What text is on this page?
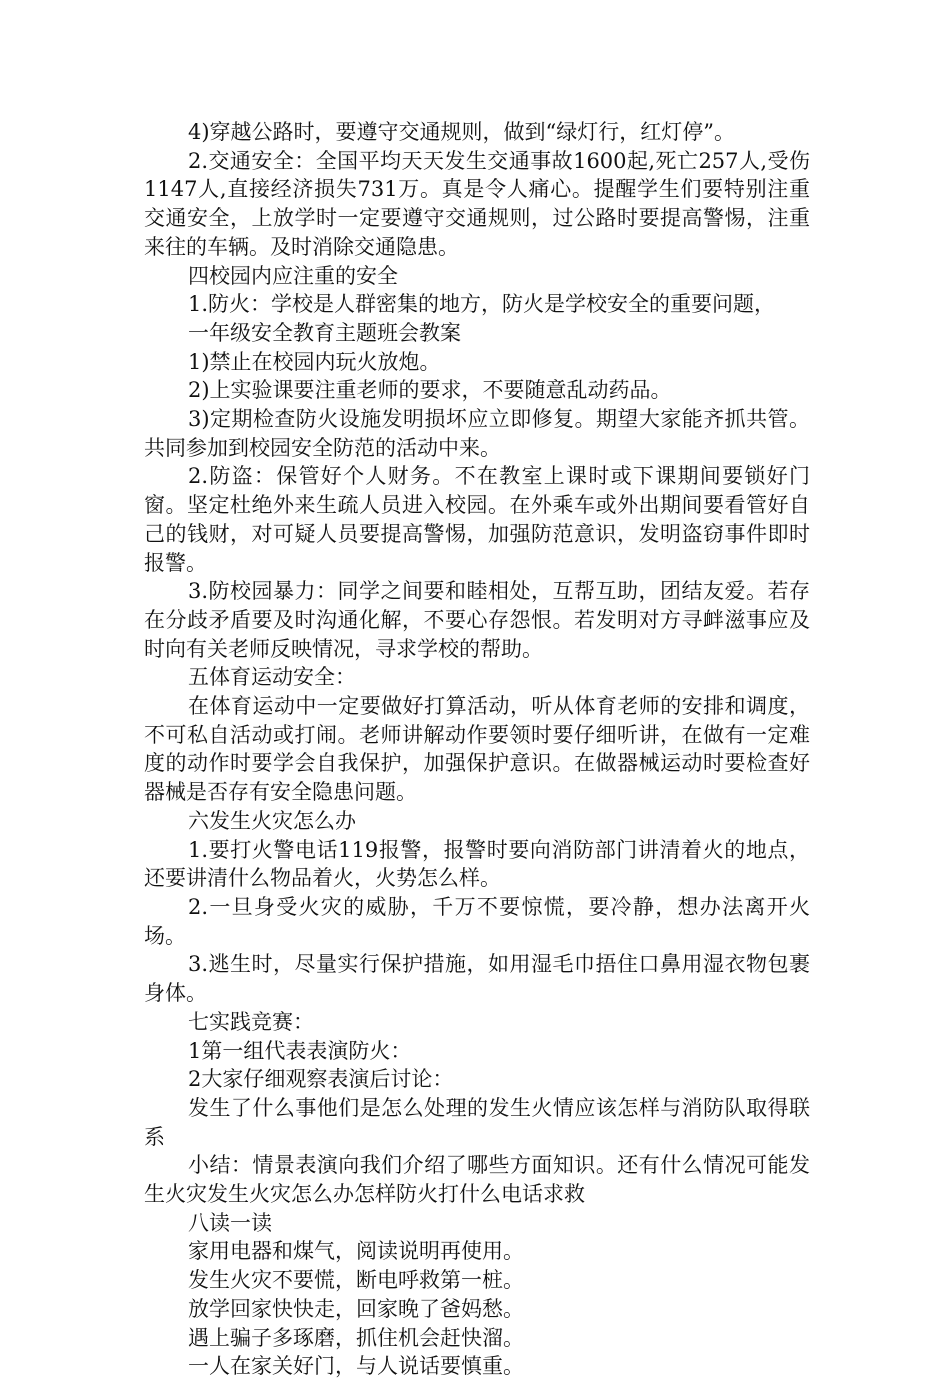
4)穿越公路时，要遵守交通规则，做到“绿灯行，红灯停”。

2.交通安全：全国平均天天发生交通事故1600起,死亡257人,受伤1147人,直接经济损失731万。真是令人痛心。提醒学生们要特别注重交通安全，上放学时一定要遵守交通规则，过公路时要提高警惕，注重来往的车辆。及时消除交通隐患。

四校园内应注重的安全

1.防火：学校是人群密集的地方，防火是学校安全的重要问题，

一年级安全教育主题班会教案

1)禁止在校园内玩火放炮。

2)上实验课要注重老师的要求，不要随意乱动药品。

3)定期检查防火设施发明损坏应立即修复。期望大家能齐抓共管。共同参加到校园安全防范的活动中来。

2.防盗：保管好个人财务。不在教室上课时或下课期间要锁好门窗。坚定杜绝外来生疏人员进入校园。在外乘车或外出期间要看管好自己的钱财，对可疑人员要提高警惕，加强防范意识，发明盗窃事件即时报警。

3.防校园暴力：同学之间要和睦相处，互帮互助，团结友爱。若存在分歧矛盾要及时沟通化解，不要心存怨恨。若发明对方寻衅滋事应及时向有关老师反映情况，寻求学校的帮助。

五体育运动安全：

在体育运动中一定要做好打算活动，听从体育老师的安排和调度，不可私自活动或打闹。老师讲解动作要领时要仔细听讲，在做有一定难度的动作时要学会自我保护，加强保护意识。在做器械运动时要检查好器械是否存有安全隐患问题。

六发生火灾怎么办

1.要打火警电话119报警，报警时要向消防部门讲清着火的地点，还要讲清什么物品着火，火势怎么样。

2.一旦身受火灾的威胁，千万不要惊慌，要冷静，想办法离开火场。

3.逃生时，尽量实行保护措施，如用湿毛巾捂住口鼻用湿衣物包裹身体。

七实践竞赛：

1第一组代表表演防火：

2大家仔细观察表演后讨论：

发生了什么事他们是怎么处理的发生火情应该怎样与消防队取得联系

小结：情景表演向我们介绍了哪些方面知识。还有什么情况可能发生火灾发生火灾怎么办怎样防火打什么电话求救

八读一读

家用电器和煤气，阅读说明再使用。

发生火灾不要慌，断电呼救第一桩。

放学回家快快走，回家晚了爸妈愁。

遇上骗子多琢磨，抓住机会赶快溜。

一人在家关好门，与人说话要慎重。
